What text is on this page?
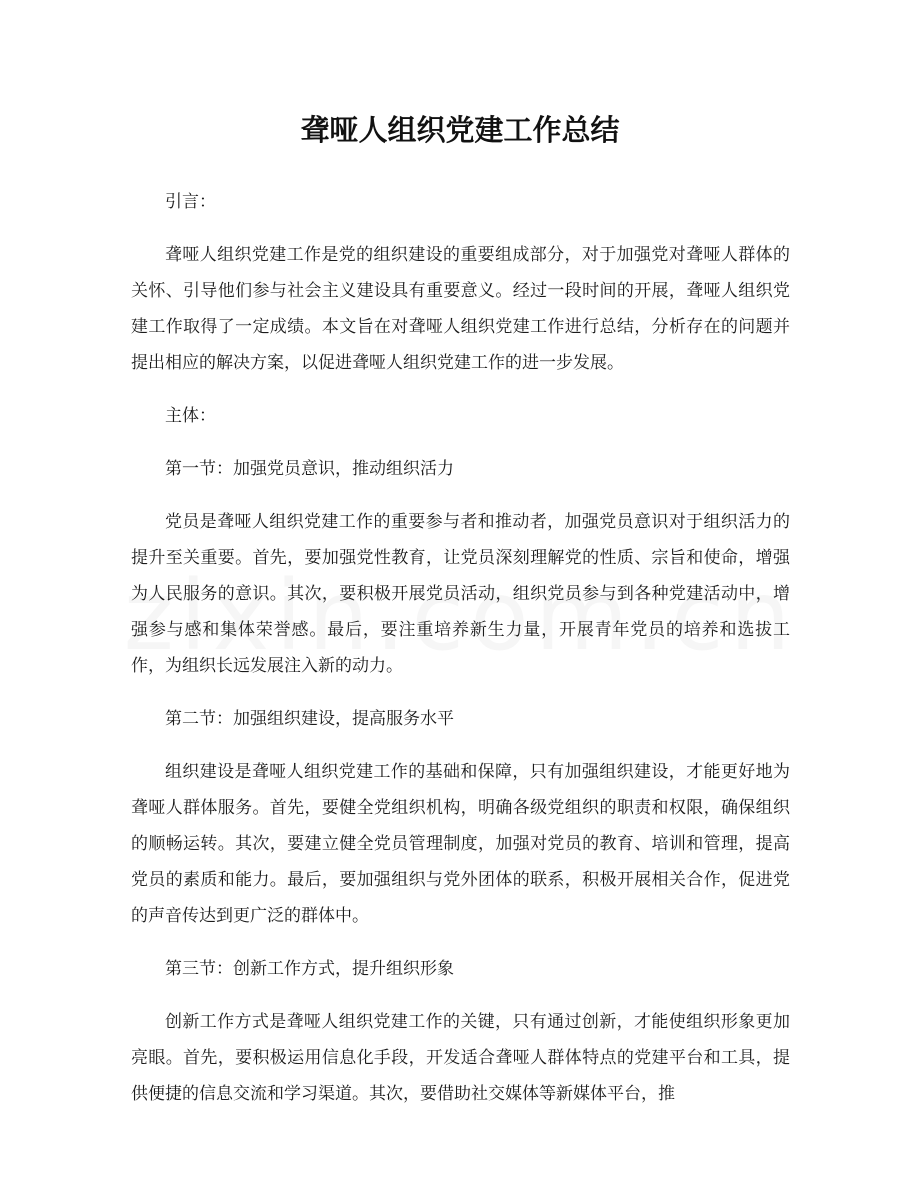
聋哑人组织党建工作总结

引言：

聋哑人组织党建工作是党的组织建设的重要组成部分，对于加强党对聋哑人群体的关怀、引导他们参与社会主义建设具有重要意义。经过一段时间的开展，聋哑人组织党建工作取得了一定成绩。本文旨在对聋哑人组织党建工作进行总结，分析存在的问题并提出相应的解决方案，以促进聋哑人组织党建工作的进一步发展。

主体：

第一节：加强党员意识，推动组织活力

党员是聋哑人组织党建工作的重要参与者和推动者，加强党员意识对于组织活力的提升至关重要。首先，要加强党性教育，让党员深刻理解党的性质、宗旨和使命，增强为人民服务的意识。其次，要积极开展党员活动，组织党员参与到各种党建活动中，增强参与感和集体荣誉感。最后，要注重培养新生力量，开展青年党员的培养和选拔工作，为组织长远发展注入新的动力。

第二节：加强组织建设，提高服务水平

组织建设是聋哑人组织党建工作的基础和保障，只有加强组织建设，才能更好地为聋哑人群体服务。首先，要健全党组织机构，明确各级党组织的职责和权限，确保组织的顺畅运转。其次，要建立健全党员管理制度，加强对党员的教育、培训和管理，提高党员的素质和能力。最后，要加强组织与党外团体的联系，积极开展相关合作，促进党的声音传达到更广泛的群体中。

第三节：创新工作方式，提升组织形象

创新工作方式是聋哑人组织党建工作的关键，只有通过创新，才能使组织形象更加亮眼。首先，要积极运用信息化手段，开发适合聋哑人群体特点的党建平台和工具，提供便捷的信息交流和学习渠道。其次，要借助社交媒体等新媒体平台，推
